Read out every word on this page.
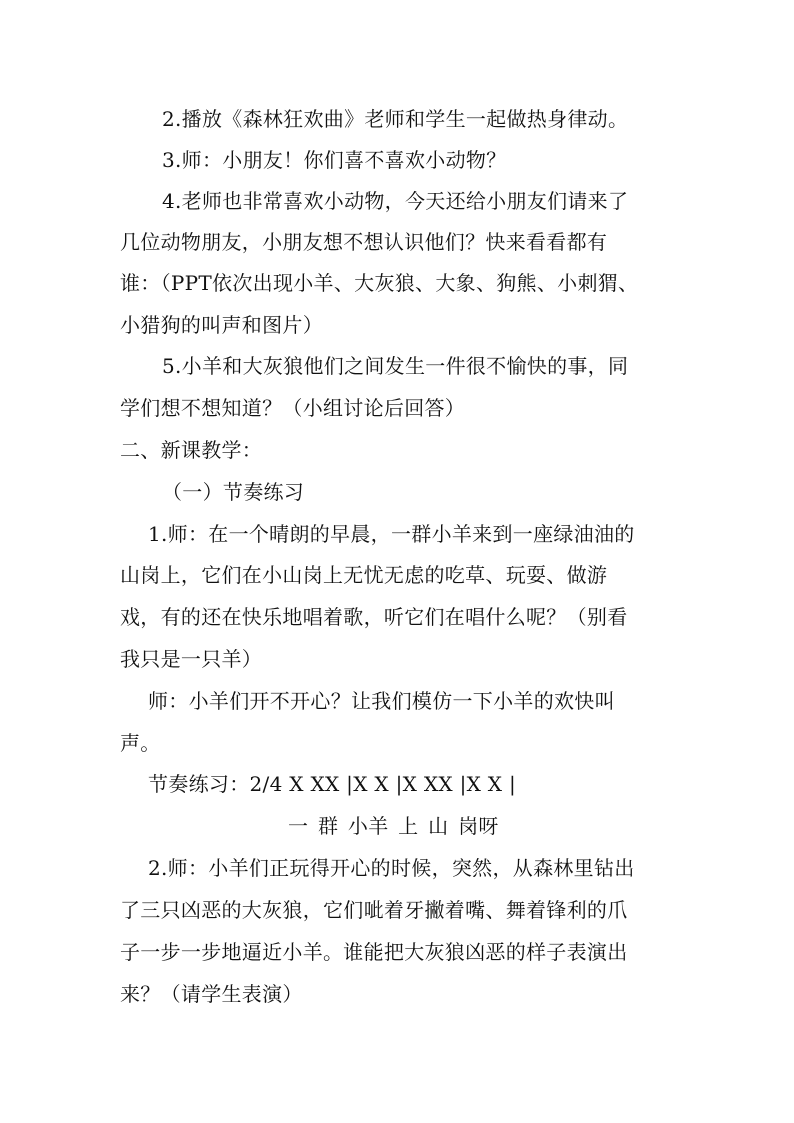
2.播放《森林狂欢曲》老师和学生一起做热身律动。
3.师：小朋友！你们喜不喜欢小动物？
4.老师也非常喜欢小动物，今天还给小朋友们请来了
几位动物朋友，小朋友想不想认识他们？快来看看都有
谁：（PPT依次出现小羊、大灰狼、大象、狗熊、小刺猬、
小猎狗的叫声和图片）
5.小羊和大灰狼他们之间发生一件很不愉快的事，同
学们想不想知道？（小组讨论后回答）
二、新课教学：
（一）节奏练习
1.师：在一个晴朗的早晨，一群小羊来到一座绿油油的
山岗上，它们在小山岗上无忧无虑的吃草、玩耍、做游
戏，有的还在快乐地唱着歌，听它们在唱什么呢？（别看
我只是一只羊）
师：小羊们开不开心？让我们模仿一下小羊的欢快叫
声。
节奏练习：2/4 X XX |X X |X XX |X X |
一 群 小羊 上 山 岗呀
2.师：小羊们正玩得开心的时候，突然，从森林里钻出
了三只凶恶的大灰狼，它们呲着牙撇着嘴、舞着锋利的爪
子一步一步地逼近小羊。谁能把大灰狼凶恶的样子表演出
来？（请学生表演）
